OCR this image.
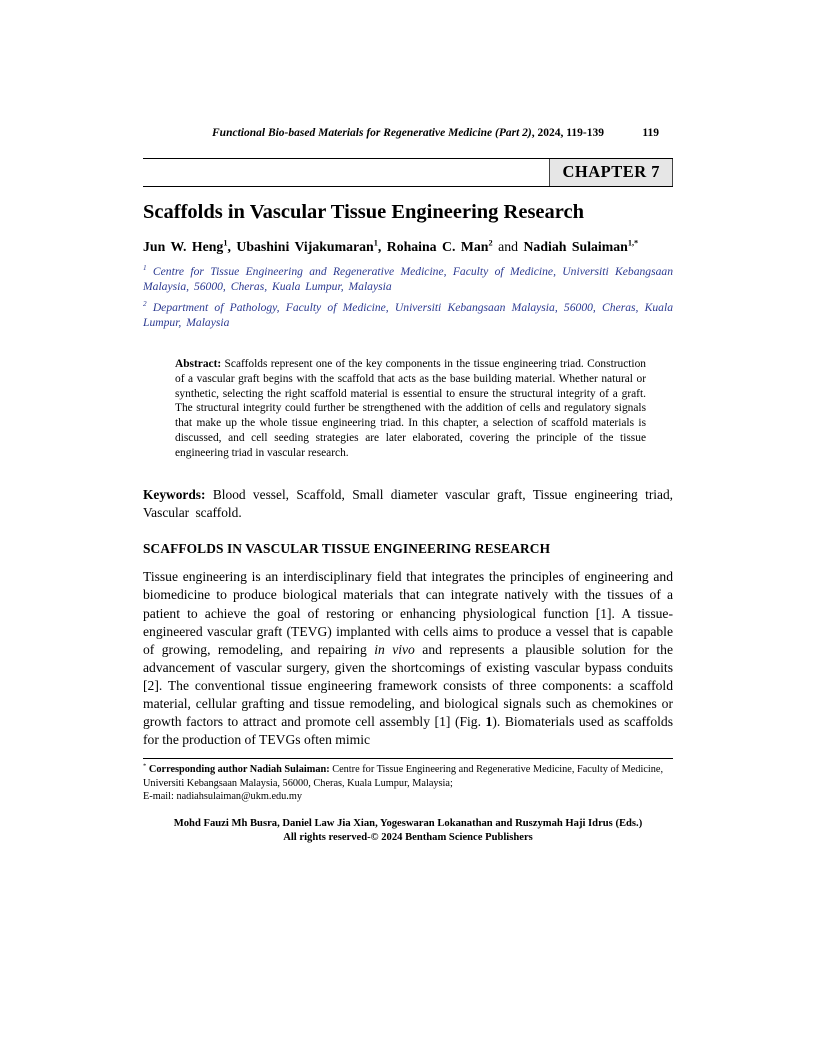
Functional Bio-based Materials for Regenerative Medicine (Part 2), 2024, 119-139	119
CHAPTER 7
Scaffolds in Vascular Tissue Engineering Research

Jun W. Heng$^1$, Ubashini Vijakumaran$^1$, Rohaina C. Man$^2$ and Nadiah Sulaiman$^{1,*}$

$^1$ Centre for Tissue Engineering and Regenerative Medicine, Faculty of Medicine, Universiti Kebangsaan Malaysia, 56000, Cheras, Kuala Lumpur, Malaysia

$^2$ Department of Pathology, Faculty of Medicine, Universiti Kebangsaan Malaysia, 56000, Cheras, Kuala Lumpur, Malaysia

Abstract: Scaffolds represent one of the key components in the tissue engineering triad. Construction of a vascular graft begins with the scaffold that acts as the base building material. Whether natural or synthetic, selecting the right scaffold material is essential to ensure the structural integrity of a graft. The structural integrity could further be strengthened with the addition of cells and regulatory signals that make up the whole tissue engineering triad. In this chapter, a selection of scaffold materials is discussed, and cell seeding strategies are later elaborated, covering the principle of the tissue engineering triad in vascular research.

Keywords: Blood vessel, Scaffold, Small diameter vascular graft, Tissue engineering triad, Vascular scaffold.

SCAFFOLDS IN VASCULAR TISSUE ENGINEERING RESEARCH

Tissue engineering is an interdisciplinary field that integrates the principles of engineering and biomedicine to produce biological materials that can integrate natively with the tissues of a patient to achieve the goal of restoring or enhancing physiological function [1]. A tissue-engineered vascular graft (TEVG) implanted with cells aims to produce a vessel that is capable of growing, remodeling, and repairing in vivo and represents a plausible solution for the advancement of vascular surgery, given the shortcomings of existing vascular bypass conduits [2]. The conventional tissue engineering framework consists of three components: a scaffold material, cellular grafting and tissue remodeling, and biological signals such as chemokines or growth factors to attract and promote cell assembly [1] (Fig. 1). Biomaterials used as scaffolds for the production of TEVGs often mimic

* Corresponding author Nadiah Sulaiman: Centre for Tissue Engineering and Regenerative Medicine, Faculty of Medicine, Universiti Kebangsaan Malaysia, 56000, Cheras, Kuala Lumpur, Malaysia;
E-mail: nadiahsulaiman@ukm.edu.my

Mohd Fauzi Mh Busra, Daniel Law Jia Xian, Yogeswaran Lokanathan and Ruszymah Haji Idrus (Eds.)
All rights reserved-© 2024 Bentham Science Publishers
